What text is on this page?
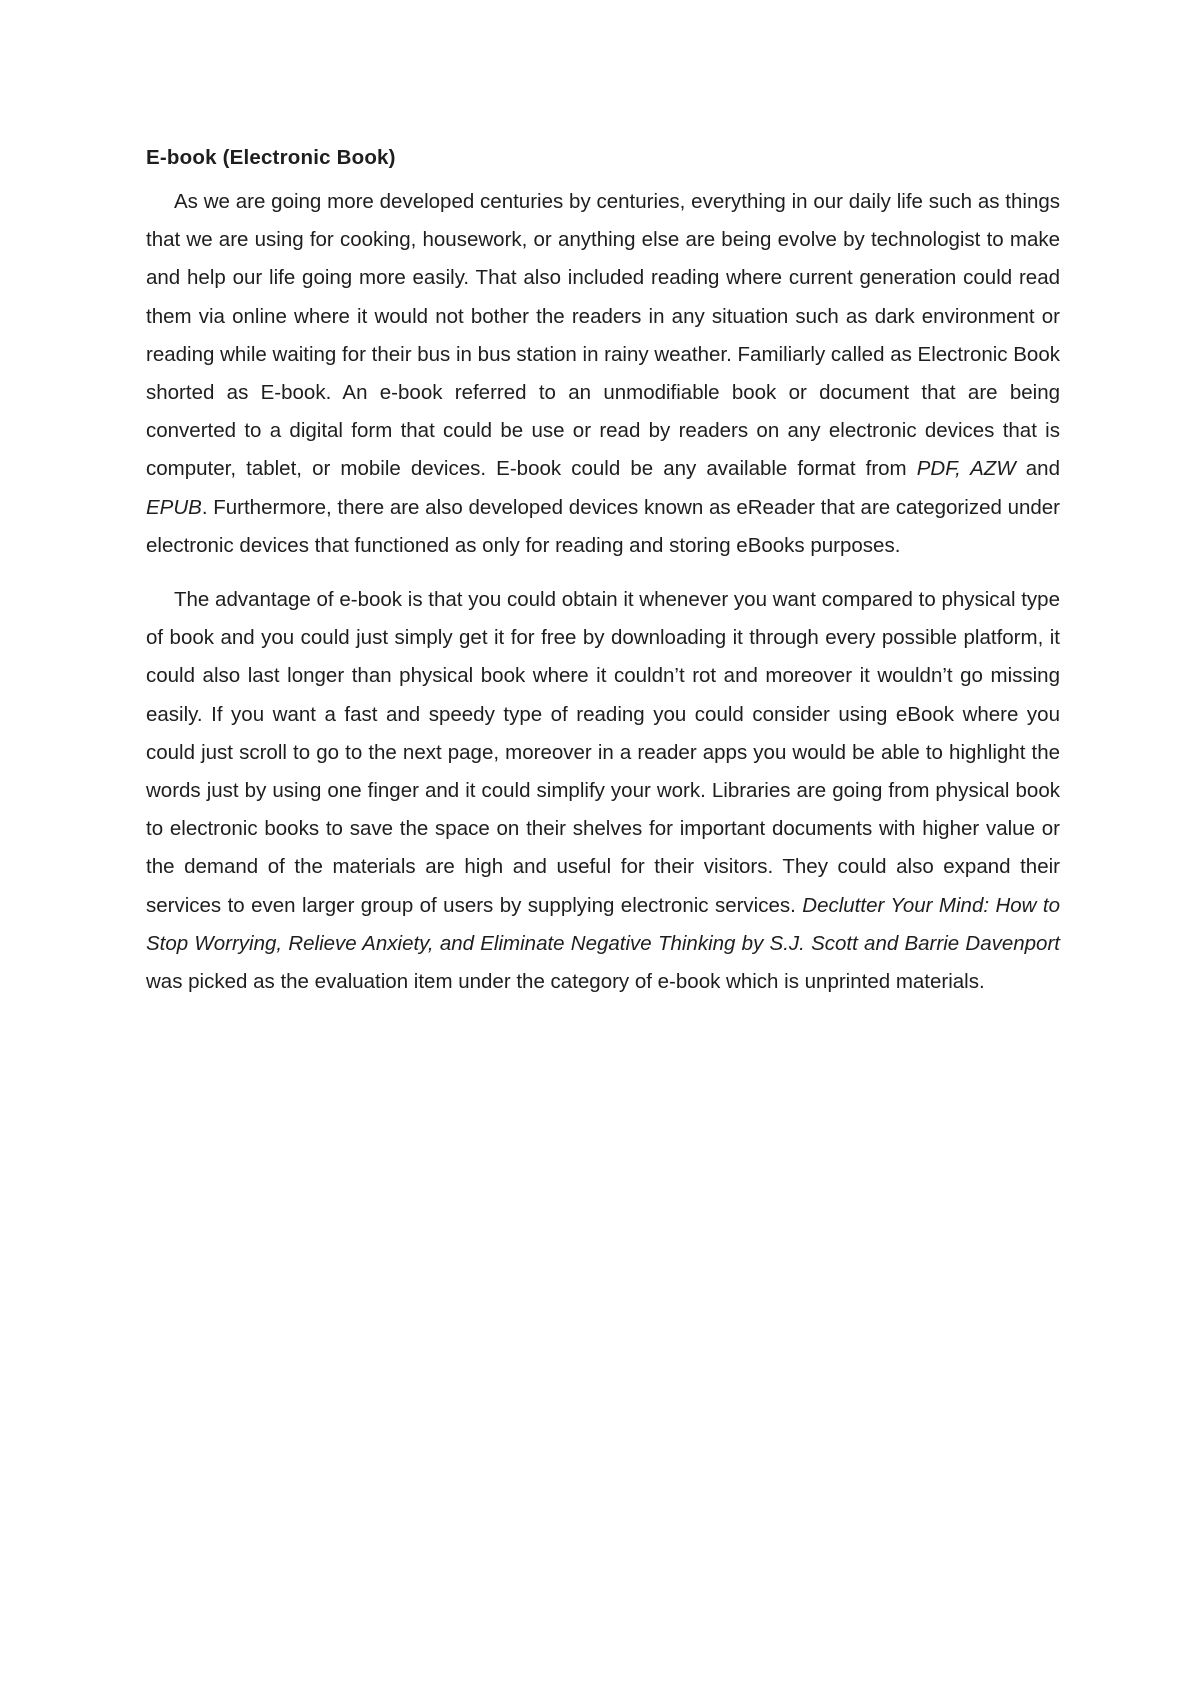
E-book (Electronic Book)

As we are going more developed centuries by centuries, everything in our daily life such as things that we are using for cooking, housework, or anything else are being evolve by technologist to make and help our life going more easily. That also included reading where current generation could read them via online where it would not bother the readers in any situation such as dark environment or reading while waiting for their bus in bus station in rainy weather. Familiarly called as Electronic Book shorted as E-book. An e-book referred to an unmodifiable book or document that are being converted to a digital form that could be use or read by readers on any electronic devices that is computer, tablet, or mobile devices. E-book could be any available format from PDF, AZW and EPUB. Furthermore, there are also developed devices known as eReader that are categorized under electronic devices that functioned as only for reading and storing eBooks purposes.

The advantage of e-book is that you could obtain it whenever you want compared to physical type of book and you could just simply get it for free by downloading it through every possible platform, it could also last longer than physical book where it couldn’t rot and moreover it wouldn’t go missing easily. If you want a fast and speedy type of reading you could consider using eBook where you could just scroll to go to the next page, moreover in a reader apps you would be able to highlight the words just by using one finger and it could simplify your work. Libraries are going from physical book to electronic books to save the space on their shelves for important documents with higher value or the demand of the materials are high and useful for their visitors. They could also expand their services to even larger group of users by supplying electronic services. Declutter Your Mind: How to Stop Worrying, Relieve Anxiety, and Eliminate Negative Thinking by S.J. Scott and Barrie Davenport was picked as the evaluation item under the category of e-book which is unprinted materials.
